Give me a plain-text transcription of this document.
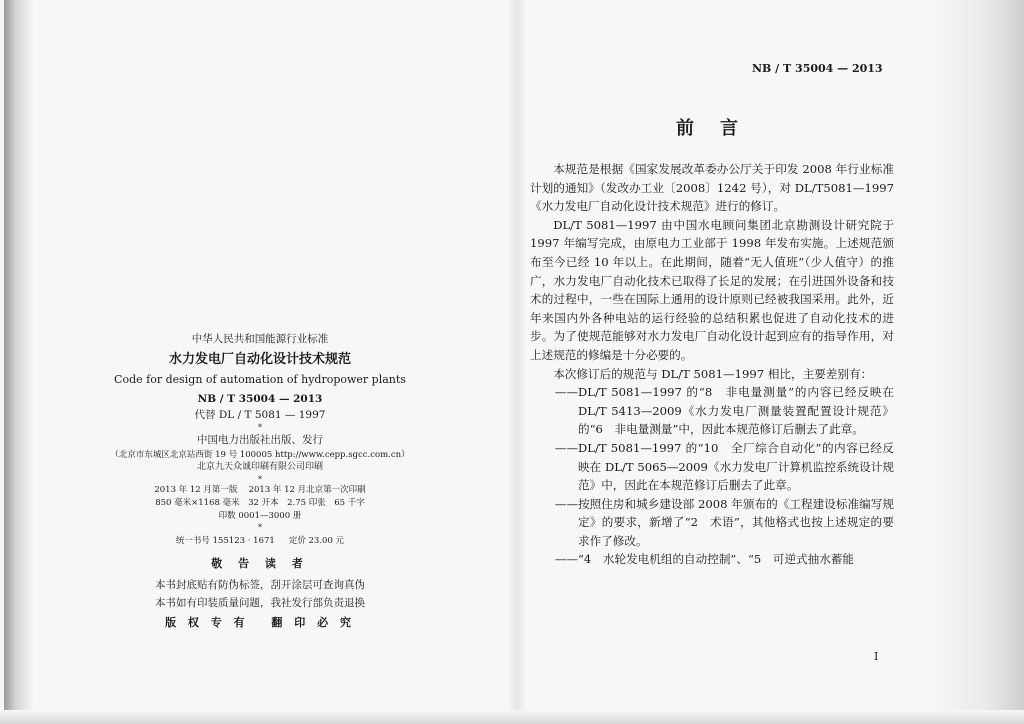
中华人民共和国能源行业标准
水力发电厂自动化设计技术规范
Code for design of automation of hydropower plants
NB / T 35004 — 2013
代替 DL / T 5081 — 1997
*
中国电力出版社出版、发行
（北京市东城区北京站西街 19 号 100005 http://www.cepp.sgcc.com.cn）
北京九天众诚印刷有限公司印刷
*
2013 年 12 月第一版　 2013 年 12 月北京第一次印刷
850 毫米×1168 毫米　32 开本　2.75 印张　65 千字
印数 0001—3000 册
*
统一书号 155123 · 1671 定价 23.00 元
敬 告 读 者
本书封底贴有防伪标签，刮开涂层可查询真伪
本书如有印装质量问题，我社发行部负责退换
版 权 专 有　 翻 印 必 究
NB / T 35004 — 2013
前言

本规范是根据《国家发展改革委办公厅关于印发 2008 年行业标准计划的通知》（发改办工业〔2008〕1242 号），对 DL/T5081—1997《水力发电厂自动化设计技术规范》进行的修订。

DL/T 5081—1997 由中国水电顾问集团北京勘测设计研究院于 1997 年编写完成，由原电力工业部于 1998 年发布实施。上述规范颁布至今已经 10 年以上。在此期间，随着“无人值班”（少人值守）的推广，水力发电厂自动化技术已取得了长足的发展；在引进国外设备和技术的过程中，一些在国际上通用的设计原则已经被我国采用。此外，近年来国内外各种电站的运行经验的总结积累也促进了自动化技术的进步。为了使规范能够对水力发电厂自动化设计起到应有的指导作用，对上述规范的修编是十分必要的。

本次修订后的规范与 DL/T 5081—1997 相比，主要差别有：

—— DL/T 5081—1997 的“8　非电量测量”的内容已经反映在 DL/T 5413—2009《水力发电厂测量装置配置设计规范》的“6　非电量测量”中，因此本规范修订后删去了此章。
—— DL/T 5081—1997 的“10　全厂综合自动化”的内容已经反映在 DL/T 5065—2009《水力发电厂计算机监控系统设计规范》中，因此在本规范修订后删去了此章。
—— 按照住房和城乡建设部 2008 年颁布的《工程建设标准编写规定》的要求，新增了“2　术语”，其他格式也按上述规定的要求作了修改。
—— “4　水轮发电机组的自动控制”、“5　可逆式抽水蓄能
I
